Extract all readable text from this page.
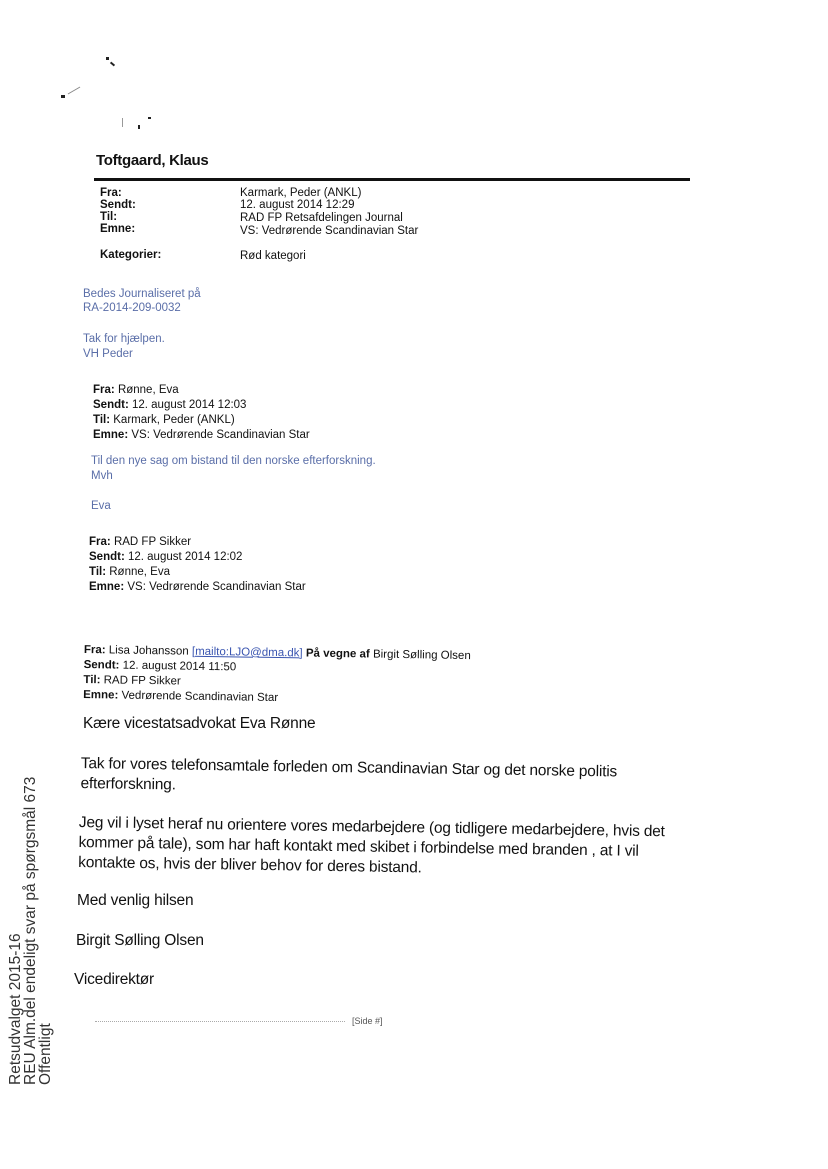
Toftgaard, Klaus
Fra:	Karmark, Peder (ANKL)
Sendt:	12. august 2014 12:29
Til:	RAD FP Retsafdelingen Journal
Emne:	VS: Vedrørende Scandinavian Star
Kategorier:	Rød kategori
Bedes Journaliseret på
RA-2014-209-0032
Tak for hjælpen.
VH Peder
Fra: Rønne, Eva
Sendt: 12. august 2014 12:03
Til: Karmark, Peder (ANKL)
Emne: VS: Vedrørende Scandinavian Star
Til den nye sag om bistand til den norske efterforskning.
Mvh
Eva
Fra: RAD FP Sikker
Sendt: 12. august 2014 12:02
Til: Rønne, Eva
Emne: VS: Vedrørende Scandinavian Star
Fra: Lisa Johansson [mailto:LJO@dma.dk] På vegne af Birgit Sølling Olsen
Sendt: 12. august 2014 11:50
Til: RAD FP Sikker
Emne: Vedrørende Scandinavian Star
Kære vicestatsadvokat Eva Rønne
Tak for vores telefonsamtale forleden om Scandinavian Star og det norske politis
efterforskning.
Jeg vil i lyset heraf nu orientere vores medarbejdere (og tidligere medarbejdere, hvis det
kommer på tale), som har haft kontakt med skibet i forbindelse med branden , at I vil
kontakte os, hvis der bliver behov for deres bistand.
Med venlig hilsen
Birgit Sølling Olsen
Vicedirektør
[Side #]
Retsudvalget 2015-16
REU Alm.del endeligt svar på spørgsmål 673
Offentligt
